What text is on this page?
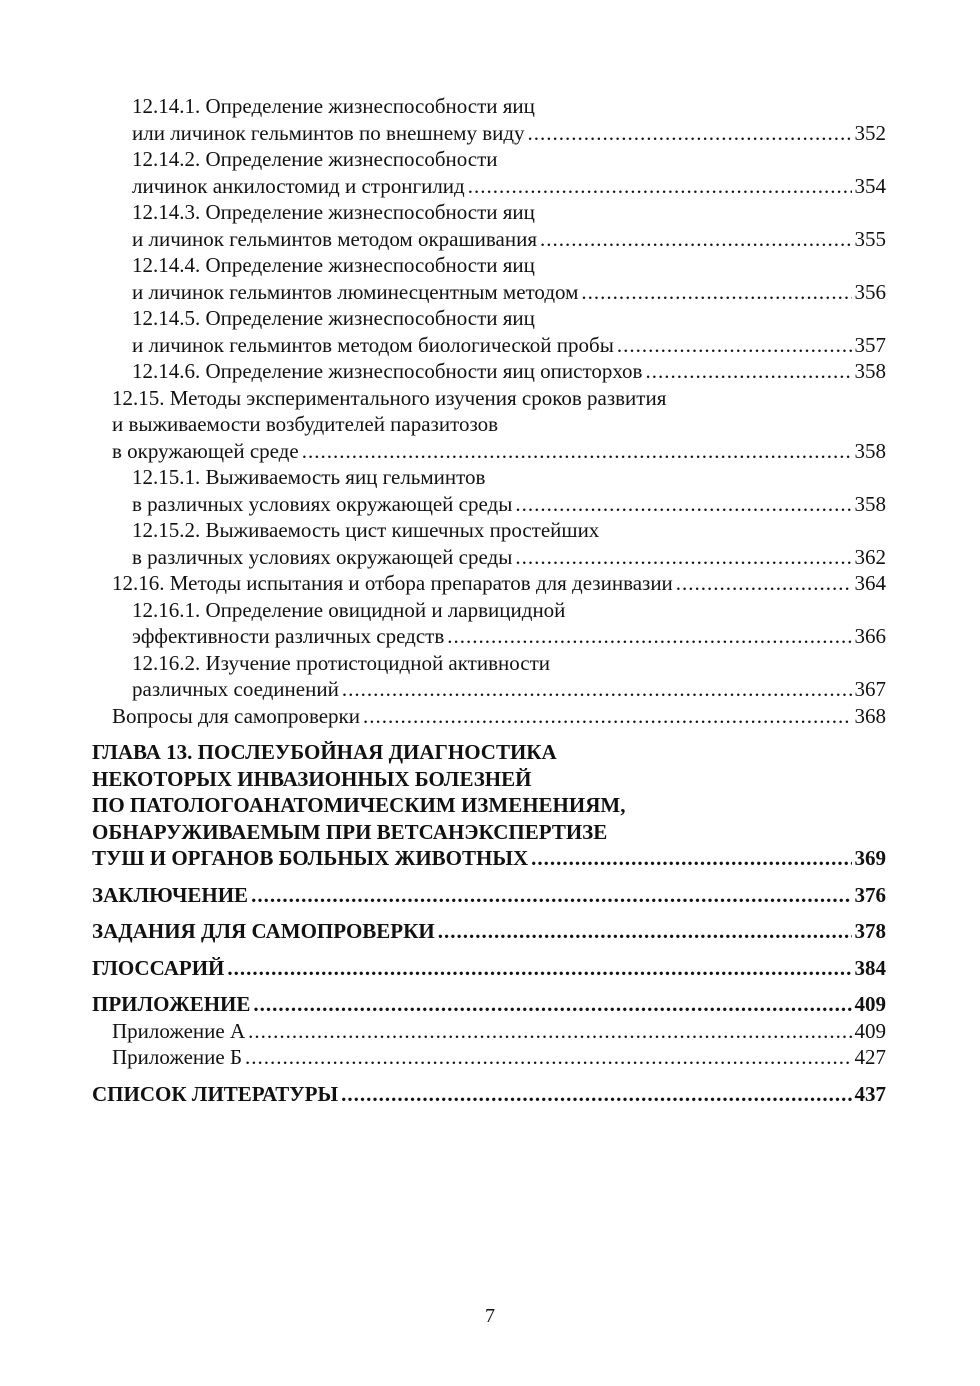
12.14.1. Определение жизнеспособности яиц
или личинок гельминтов по внешнему виду .....	352
12.14.2. Определение жизнеспособности
личинок анкилостомид и стронгилид .....	354
12.14.3. Определение жизнеспособности яиц
и личинок гельминтов методом окрашивания .....	355
12.14.4. Определение жизнеспособности яиц
и личинок гельминтов люминесцентным методом .....	356
12.14.5. Определение жизнеспособности яиц
и личинок гельминтов методом биологической пробы .....	357
12.14.6. Определение жизнеспособности яиц описторхов .....	358
12.15. Методы экспериментального изучения сроков развития
и выживаемости возбудителей паразитозов
в окружающей среде .....	358
12.15.1. Выживаемость яиц гельминтов
в различных условиях окружающей среды .....	358
12.15.2. Выживаемость цист кишечных простейших
в различных условиях окружающей среды .....	362
12.16. Методы испытания и отбора препаратов для дезинвазии .....	364
12.16.1. Определение овицидной и ларвицидной
эффективности различных средств .....	366
12.16.2. Изучение протистоцидной активности
различных соединений .....	367
Вопросы для самопроверки .....	368
ГЛАВА 13. ПОСЛЕУБОЙНАЯ ДИАГНОСТИКА
НЕКОТОРЫХ ИНВАЗИОННЫХ БОЛЕЗНЕЙ
ПО ПАТОЛОГОАНАТОМИЧЕСКИМ ИЗМЕНЕНИЯМ,
ОБНАРУЖИВАЕМЫМ ПРИ ВЕТСАНЭКСПЕРТИЗЕ
ТУШ И ОРГАНОВ БОЛЬНЫХ ЖИВОТНЫХ .....	369
ЗАКЛЮЧЕНИЕ .....	376
ЗАДАНИЯ ДЛЯ САМОПРОВЕРКИ .....	378
ГЛОССАРИЙ .....	384
ПРИЛОЖЕНИЕ .....	409
Приложение А .....	409
Приложение Б .....	427
СПИСОК ЛИТЕРАТУРЫ .....	437
7
